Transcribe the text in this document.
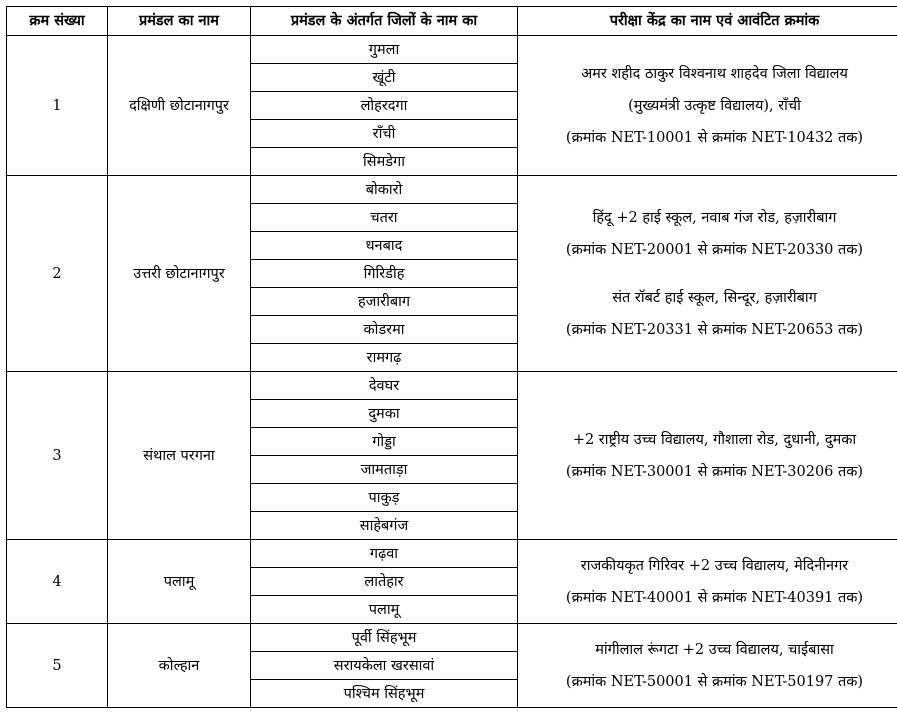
क्रम संख्या	प्रमंडल का नाम	प्रमंडल के अंतर्गत जिलों के नाम का	परीक्षा केंद्र का नाम एवं आवंटित क्रमांक
1	दक्षिणी छोटानागपुर	गुमला	अमर शहीद ठाकुर विश्वनाथ शाहदेव जिला विद्यालय
(मुख्यमंत्री उत्कृष्ट विद्यालय), राँची
(क्रमांक NET-10001 से क्रमांक NET-10432 तक)

		खूंटी	
		लोहरदगा	
		राँची	
		सिमडेगा	
2	उत्तरी छोटानागपुर	बोकारो	हिंदू +2 हाई स्कूल, नवाब गंज रोड, हज़ारीबाग
(क्रमांक NET-20001 से क्रमांक NET-20330 तक)
संत रॉबर्ट हाई स्कूल, सिन्दूर, हज़ारीबाग
(क्रमांक NET-20331 से क्रमांक NET-20653 तक)

		चतरा	
		धनबाद	
		गिरिडीह	
		हजारीबाग	
		कोडरमा	
		रामगढ़	
3	संथाल परगना	देवघर	+2 राष्ट्रीय उच्च विद्यालय, गौशाला रोड, दुधानी, दुमका
(क्रमांक NET-30001 से क्रमांक NET-30206 तक)

		दुमका	
		गोड्डा	
		जामताड़ा	
		पाकुड़	
		साहेबगंज	
4	पलामू	गढ़वा	राजकीयकृत गिरिवर +2 उच्च विद्यालय, मेदिनीनगर
(क्रमांक NET-40001 से क्रमांक NET-40391 तक)

		लातेहार	
		पलामू	
5	कोल्हान	पूर्वी सिंहभूम	मांगीलाल रूंगटा +2 उच्च विद्यालय, चाईबासा
(क्रमांक NET-50001 से क्रमांक NET-50197 तक)

		सरायकेला खरसावां	
		पश्चिम सिंहभूम	
